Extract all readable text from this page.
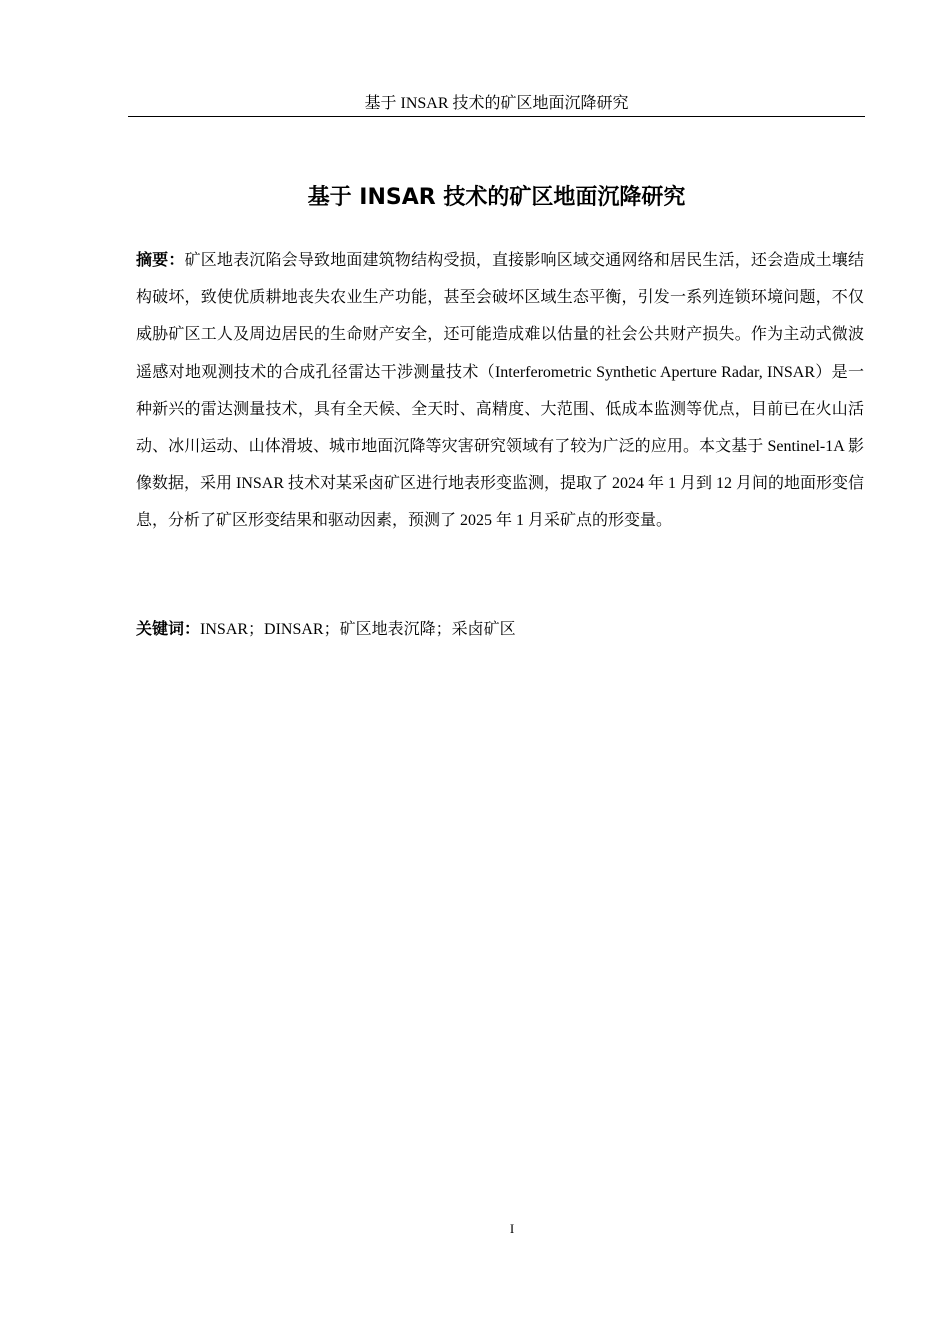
基于 INSAR 技术的矿区地面沉降研究
基于 INSAR 技术的矿区地面沉降研究

摘要：矿区地表沉陷会导致地面建筑物结构受损，直接影响区域交通网络和居民生活，还会造成土壤结构破坏，致使优质耕地丧失农业生产功能，甚至会破坏区域生态平衡，引发一系列连锁环境问题，不仅威胁矿区工人及周边居民的生命财产安全，还可能造成难以估量的社会公共财产损失。作为主动式微波遥感对地观测技术的合成孔径雷达干涉测量技术（Interferometric Synthetic Aperture Radar, INSAR）是一种新兴的雷达测量技术，具有全天候、全天时、高精度、大范围、低成本监测等优点，目前已在火山活动、冰川运动、山体滑坡、城市地面沉降等灾害研究领域有了较为广泛的应用。本文基于 Sentinel-1A 影像数据，采用 INSAR 技术对某采卤矿区进行地表形变监测，提取了 2024 年 1 月到 12 月间的地面形变信息，分析了矿区形变结果和驱动因素，预测了 2025 年 1 月采矿点的形变量。

关键词：INSAR；DINSAR；矿区地表沉降；采卤矿区

I
